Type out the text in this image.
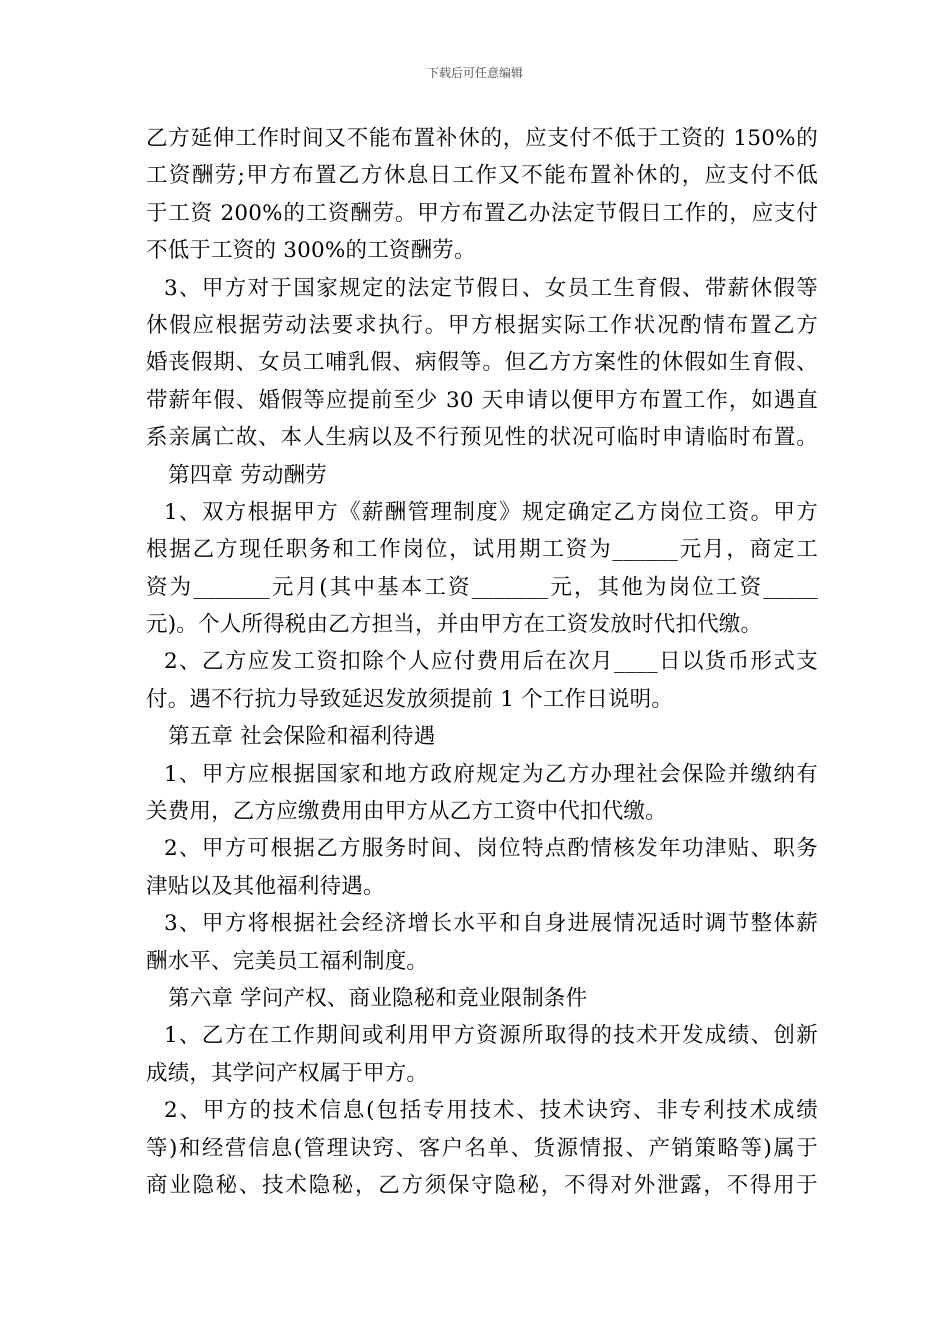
下载后可任意编辑
乙方延伸工作时间又不能布置补休的，应支付不低于工资的 150%的
工资酬劳;甲方布置乙方休息日工作又不能布置补休的，应支付不低
于工资 200%的工资酬劳。甲方布置乙办法定节假日工作的，应支付
不低于工资的 300%的工资酬劳。
3、甲方对于国家规定的法定节假日、女员工生育假、带薪休假等
休假应根据劳动法要求执行。甲方根据实际工作状况酌情布置乙方
婚丧假期、女员工哺乳假、病假等。但乙方方案性的休假如生育假、
带薪年假、婚假等应提前至少 30 天申请以便甲方布置工作，如遇直
系亲属亡故、本人生病以及不行预见性的状况可临时申请临时布置。
第四章 劳动酬劳
1、双方根据甲方《薪酬管理制度》规定确定乙方岗位工资。甲方
根据乙方现任职务和工作岗位，试用期工资为______元月，商定工
资为_______元月(其中基本工资_______元，其他为岗位工资_____
元)。个人所得税由乙方担当，并由甲方在工资发放时代扣代缴。
2、乙方应发工资扣除个人应付费用后在次月____日以货币形式支
付。遇不行抗力导致延迟发放须提前 1 个工作日说明。
第五章 社会保险和福利待遇
1、甲方应根据国家和地方政府规定为乙方办理社会保险并缴纳有
关费用，乙方应缴费用由甲方从乙方工资中代扣代缴。
2、甲方可根据乙方服务时间、岗位特点酌情核发年功津贴、职务
津贴以及其他福利待遇。
3、甲方将根据社会经济增长水平和自身进展情况适时调节整体薪
酬水平、完美员工福利制度。
第六章 学问产权、商业隐秘和竞业限制条件
1、乙方在工作期间或利用甲方资源所取得的技术开发成绩、创新
成绩，其学问产权属于甲方。
2、甲方的技术信息(包括专用技术、技术诀窍、非专利技术成绩
等)和经营信息(管理诀窍、客户名单、货源情报、产销策略等)属于
商业隐秘、技术隐秘，乙方须保守隐秘，不得对外泄露，不得用于
